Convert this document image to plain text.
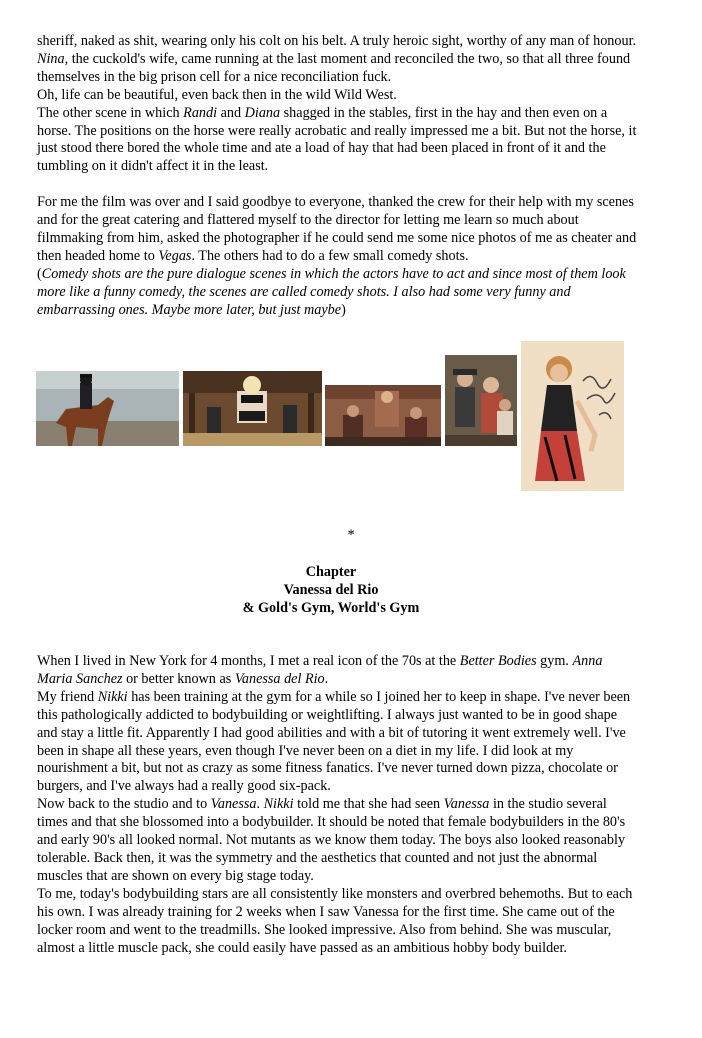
sheriff, naked as shit, wearing only his colt on his belt. A truly heroic sight, worthy of any man of honour. Nina, the cuckold's wife, came running at the last moment and reconciled the two, so that all three found themselves in the big prison cell for a nice reconciliation fuck.

Oh, life can be beautiful, even back then in the wild Wild West.

The other scene in which Randi and Diana shagged in the stables, first in the hay and then even on a horse. The positions on the horse were really acrobatic and really impressed me a bit. But not the horse, it just stood there bored the whole time and ate a load of hay that had been placed in front of it and the tumbling on it didn't affect it in the least.

For me the film was over and I said goodbye to everyone, thanked the crew for their help with my scenes and for the great catering and flattered myself to the director for letting me learn so much about filmmaking from him, asked the photographer if he could send me some nice photos of me as cheater and then headed home to Vegas. The others had to do a few small comedy shots.

(Comedy shots are the pure dialogue scenes in which the actors have to act and since most of them look more like a funny comedy, the scenes are called comedy shots. I also had some very funny and embarrassing ones. Maybe more later, but just maybe)

*
Chapter
Vanessa del Rio
& Gold's Gym, World's Gym

When I lived in New York for 4 months, I met a real icon of the 70s at the Better Bodies gym. Anna Maria Sanchez or better known as Vanessa del Rio.

My friend Nikki has been training at the gym for a while so I joined her to keep in shape. I've never been this pathologically addicted to bodybuilding or weightlifting. I always just wanted to be in good shape and stay a little fit. Apparently I had good abilities and with a bit of tutoring it went extremely well. I've been in shape all these years, even though I've never been on a diet in my life. I did look at my nourishment a bit, but not as crazy as some fitness fanatics. I've never turned down pizza, chocolate or burgers, and I've always had a really good six-pack.

Now back to the studio and to Vanessa. Nikki told me that she had seen Vanessa in the studio several times and that she blossomed into a bodybuilder. It should be noted that female bodybuilders in the 80's and early 90's all looked normal. Not mutants as we know them today. The boys also looked reasonably tolerable. Back then, it was the symmetry and the aesthetics that counted and not just the abnormal muscles that are shown on every big stage today.

To me, today's bodybuilding stars are all consistently like monsters and overbred behemoths. But to each his own. I was already training for 2 weeks when I saw Vanessa for the first time. She came out of the locker room and went to the treadmills. She looked impressive. Also from behind. She was muscular, almost a little muscle pack, she could easily have passed as an ambitious hobby body builder.
